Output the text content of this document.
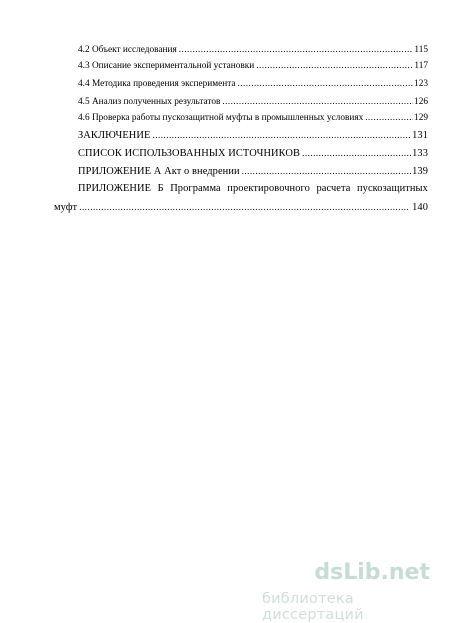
4.2 Объект исследования .....	115
4.3 Описание экспериментальной установки .....	117
4.4 Методика проведения эксперимента .....	123
4.5 Анализ полученных результатов .....	126
4.6 Проверка работы пускозащитной муфты в промышленных условиях .....	129
ЗАКЛЮЧЕНИЕ .....	131
СПИСОК ИСПОЛЬЗОВАННЫХ ИСТОЧНИКОВ .....	133
ПРИЛОЖЕНИЕ А Акт о внедрении .....	139
ПРИЛОЖЕНИЕ Б Программа проектировочного расчета пускозащитных
муфт .....	140
dsLib.net
библиотека диссертаций
